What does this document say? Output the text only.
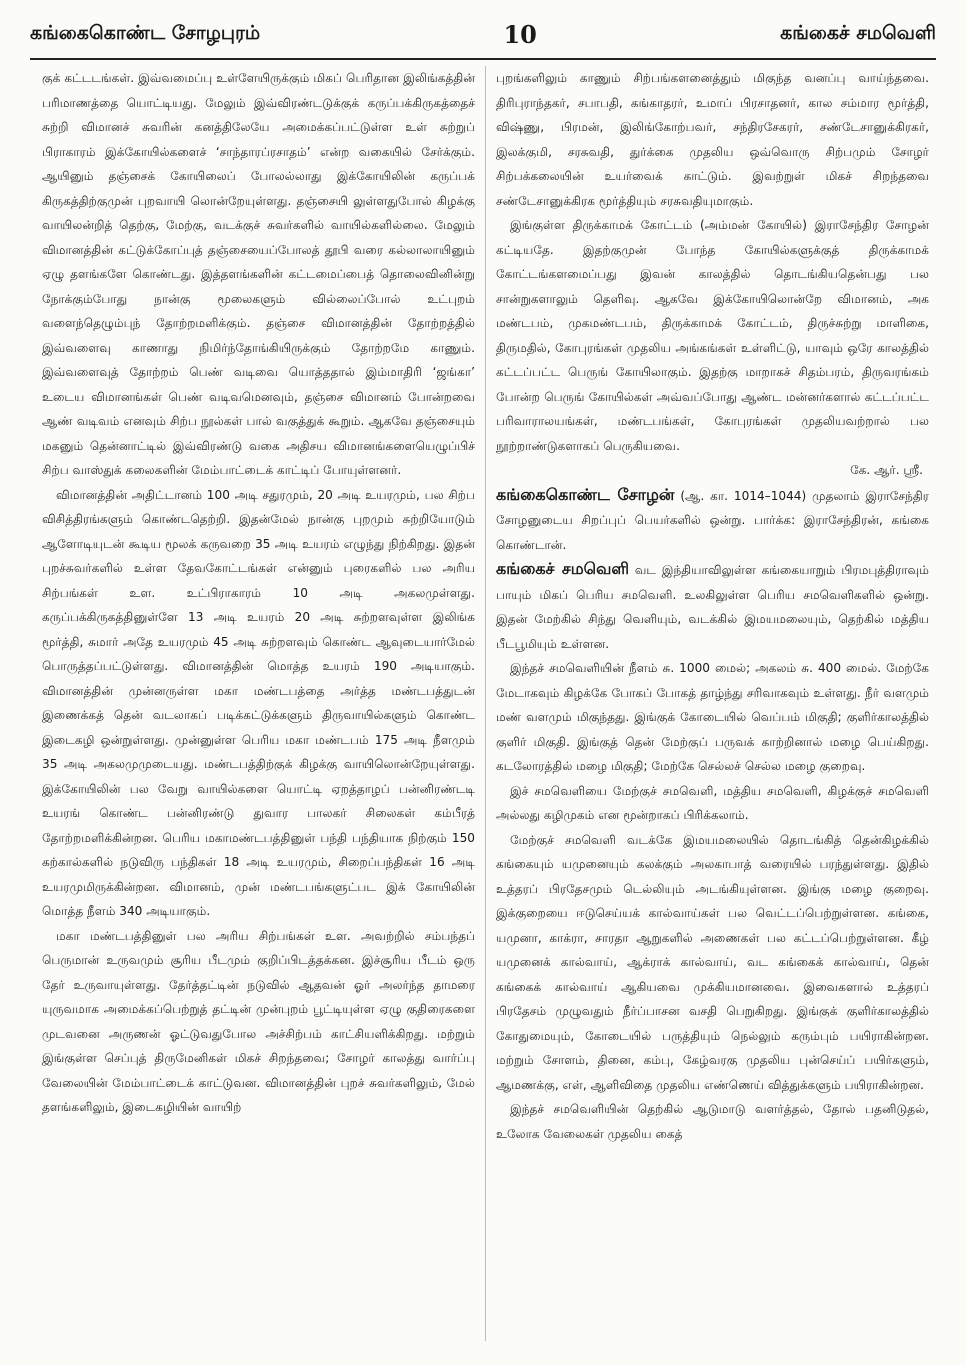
கங்கைகொண்ட சோழபுரம்	10	கங்கைச் சமவெளி

குக் கட்டடங்கள். இவ்வமைப்பு உள்ளேயிருக்கும் மிகப் பெரிதான இலிங்கத்தின் பரிமாணத்தை யொட்டியது. மேலும் இவ்விரண்டடுக்குக் கருப்பக்கிருகத்தைச் சுற்றி விமானச் சுவரின் கனத்திலேயே அமைக்கப்பட்டுள்ள உள் சுற்றுப் பிராகாரம் இக்கோயில்களைச் ‘சாந்தாரப்ரசாதம்’ என்ற வகையில் சேர்க்கும். ஆயினும் தஞ்சைக் கோயிலைப் போலல்லாது இக்கோயிலின் கருப்பக் கிருகத்திற்குமுன் புறவாயி லொன்றேயுள்ளது. தஞ்சையி லுள்ளதுபோல் கிழக்கு வாயிலன்றித் தெற்கு, மேற்கு, வடக்குச் சுவர்களில் வாயில்களில்லை. மேலும் விமானத்தின் கட்டுக்கோப்புத் தஞ்சையைப்போலத் தூபி வரை கல்லாலாயினும் ஏழு தளங்களே கொண்டது. இத்தளங்களின் கட்டமைப்பைத் தொலைவினின்று நோக்கும்போது நான்கு மூலைகளும் வில்லைப்போல் உட்புறம் வளைந்தெழும்புந் தோற்றமளிக்கும். தஞ்சை விமானத்தின் தோற்றத்தில் இவ்வளைவு காணாது நிமிர்ந்தோங்கியிருக்கும் தோற்றமே காணும். இவ்வளைவுத் தோற்றம் பெண் வடிவை யொத்ததால் இம்மாதிரி ‘ஜங்கா’ உடைய விமானங்கள் பெண் வடிவமெனவும், தஞ்சை விமானம் போன்றவை ஆண் வடிவம் எனவும் சிற்ப நூல்கள் பால் வகுத்துக் கூறும். ஆகவே தஞ்சையும் மகனும் தென்னாட்டில் இவ்விரண்டு வகை அதிசய விமானங்களையெழுப்பிச் சிற்ப வாஸ்துக் கலைகளின் மேம்பாட்டைக் காட்டிப் போயுள்ளனர்.

விமானத்தின் அதிட்டானம் 100 அடி சதுரமும், 20 அடி உயரமும், பல சிற்ப விசித்திரங்களும் கொண்டதெற்றி. இதன்மேல் நான்கு புறமும் சுற்றியோடும் ஆளோடியுடன் கூடிய மூலக் கருவறை 35 அடி உயரம் எழுந்து நிற்கிறது. இதன் புறச்சுவர்களில் உள்ள தேவகோட்டங்கள் என்னும் புரைகளில் பல அரிய சிற்பங்கள் உள. உட்பிராகாரம் 10 அடி அகலமுள்ளது. கருப்பக்கிருகத்தினுள்ளே 13 அடி உயரம் 20 அடி சுற்றளவுள்ள இலிங்க மூர்த்தி, சுமார் அதே உயரமும் 45 அடி சுற்றளவும் கொண்ட ஆவுடையார்மேல் பொருத்தப்பட்டுள்ளது. விமானத்தின் மொத்த உயரம் 190 அடியாகும். விமானத்தின் முன்னருள்ள மகா மண்டபத்தை அர்த்த மண்டபத்துடன் இணைக்கத் தென் வடலாகப் படிக்கட்டுக்களும் திருவாயில்களும் கொண்ட இடைகழி ஒன்றுள்ளது. முன்னுள்ள பெரிய மகா மண்டபம் 175 அடி நீளமும் 35 அடி அகலமுமுடையது. மண்டபத்திற்குக் கிழக்கு வாயிலொன்றேயுள்ளது. இக்கோயிலின் பல வேறு வாயில்களை யொட்டி ஏறத்தாழப் பன்னிரண்டடி உயரங் கொண்ட பன்னிரண்டு துவார பாலகர் சிலைகள் கம்பீரத் தோற்றமளிக்கின்றன. பெரிய மகாமண்டபத்தினுள் பந்தி பந்தியாக நிற்கும் 150 கற்கால்களில் நடுவிரு பந்திகள் 18 அடி உயரமும், சிறைப்பந்திகள் 16 அடி உயரமுமிருக்கின்றன. விமானம், முன் மண்டபங்களுட்பட இக் கோயிலின் மொத்த நீளம் 340 அடியாகும்.

மகா மண்டபத்தினுள் பல அரிய சிற்பங்கள் உள. அவற்றில் சம்பந்தப் பெருமான் உருவமும் சூரிய பீடமும் குறிப்பிடத்தக்கன. இச்சூரிய பீடம் ஒரு தேர் உருவாயுள்ளது. தேர்த்தட்டின் நடுவில் ஆதவன் ஓர் அலர்ந்த தாமரை யுருவமாக அமைக்கப்பெற்றுத் தட்டின் முன்புறம் பூட்டியுள்ள ஏழு குதிரைகளை முடவனை அருணன் ஓட்டுவதுபோல அச்சிற்பம் காட்சியளிக்கிறது. மற்றும் இங்குள்ள செப்புத் திருமேனிகள் மிகச் சிறந்தவை; சோழர் காலத்து வார்ப்பு வேலையின் மேம்பாட்டைக் காட்டுவன. விமானத்தின் புறச் சுவர்களிலும், மேல் தளங்களிலும், இடைகழியின் வாயிற்

புறங்களிலும் காணும் சிற்பங்களனைத்தும் மிகுந்த வனப்பு வாய்ந்தவை. திரிபுராந்தகர், சபாபதி, கங்காதரர், உமாப் பிரசாதனர், கால சம்மார மூர்த்தி, விஷ்ணு, பிரமன், இலிங்கோற்பவர், சந்திரசேகரர், சண்டேசானுக்கிரகர், இலக்குமி, சரசுவதி, துர்க்கை முதலிய ஒவ்வொரு சிற்பமும் சோழர் சிற்பக்கலையின் உயர்வைக் காட்டும். இவற்றுள் மிகச் சிறந்தவை சண்டேசானுக்கிரக மூர்த்தியும் சரசுவதியுமாகும்.

இங்குள்ள திருக்காமக் கோட்டம் (அம்மன் கோயில்) இராசேந்திர சோழன் கட்டியதே. இதற்குமுன் போந்த கோயில்களுக்குத் திருக்காமக் கோட்டங்களமைப்பது இவன் காலத்தில் தொடங்கியதென்பது பல சான்றுகளாலும் தெளிவு. ஆகவே இக்கோயிலொன்றே விமானம், அக மண்டபம், முகமண்டபம், திருக்காமக் கோட்டம், திருச்சுற்று மாளிகை, திருமதில், கோபுரங்கள் முதலிய அங்கங்கள் உள்ளிட்டு, யாவும் ஒரே காலத்தில் கட்டப்பட்ட பெருங் கோயிலாகும். இதற்கு மாறாகச் சிதம்பரம், திருவரங்கம் போன்ற பெருங் கோயில்கள் அவ்வப்போது ஆண்ட மன்னர்களால் கட்டப்பட்ட பரிவாராலயங்கள், மண்டபங்கள், கோபுரங்கள் முதலியவற்றால் பல நூற்றாண்டுகளாகப் பெருகியவை.

கே. ஆர். ஸ்ரீ.

கங்கைகொண்ட சோழன் (ஆ. கா. 1014–1044) முதலாம் இராசேந்திர சோழனுடைய சிறப்புப் பெயர்களில் ஒன்று. பார்க்க: இராசேந்திரன், கங்கை கொண்டான்.

கங்கைச் சமவெளி வட இந்தியாவிலுள்ள கங்கையாறும் பிரமபுத்திராவும் பாயும் மிகப் பெரிய சமவெளி. உலகிலுள்ள பெரிய சமவெளிகளில் ஒன்று. இதன் மேற்கில் சிந்து வெளியும், வடக்கில் இமயமலையும், தெற்கில் மத்திய பீடபூமியும் உள்ளன.

இந்தச் சமவெளியின் நீளம் சு. 1000 மைல்; அகலம் சு. 400 மைல். மேற்கே மேடாகவும் கிழக்கே போகப் போகத் தாழ்ந்து சரிவாகவும் உள்ளது. நீர் வளமும் மண் வளமும் மிகுந்தது. இங்குக் கோடையில் வெப்பம் மிகுதி; குளிர்காலத்தில் குளிர் மிகுதி. இங்குத் தென் மேற்குப் பருவக் காற்றினால் மழை பெய்கிறது. கடலோரத்தில் மழை மிகுதி; மேற்கே செல்லச் செல்ல மழை குறைவு.

இச் சமவெளியை மேற்குச் சமவெளி, மத்திய சமவெளி, கிழக்குச் சமவெளி அல்லது கழிமுகம் என மூன்றாகப் பிரிக்கலாம்.

மேற்குச் சமவெளி வடக்கே இமயமலையில் தொடங்கித் தென்கிழக்கில் கங்கையும் யமுனையும் கலக்கும் அலகாபாத் வரையில் பரந்துள்ளது. இதில் உத்தரப் பிரதேசமும் டெல்லியும் அடங்கியுள்ளன. இங்கு மழை குறைவு. இக்குறையை ஈடுசெய்யக் கால்வாய்கள் பல வெட்டப்பெற்றுள்ளன. கங்கை, யமுனா, காக்ரா, சாரதா ஆறுகளில் அணைகள் பல கட்டப்பெற்றுள்ளன. கீழ் யமுனைக் கால்வாய், ஆக்ராக் கால்வாய், வட கங்கைக் கால்வாய், தென் கங்கைக் கால்வாய் ஆகியவை முக்கியமானவை. இவைகளால் உத்தரப் பிரதேசம் முழுவதும் நீர்ப்பாசன வசதி பெறுகிறது. இங்குக் குளிர்காலத்தில் கோதுமையும், கோடையில் பருத்தியும் நெல்லும் கரும்பும் பயிராகின்றன. மற்றும் சோளம், தினை, கம்பு, கேழ்வரகு முதலிய புன்செய்ப் பயிர்களும், ஆமணக்கு, எள், ஆளிவிதை முதலிய எண்ணெய் வித்துக்களும் பயிராகின்றன.

இந்தச் சமவெளியின் தெற்கில் ஆடுமாடு வளர்த்தல், தோல் பதனிடுதல், உலோக வேலைகள் முதலிய கைத்
